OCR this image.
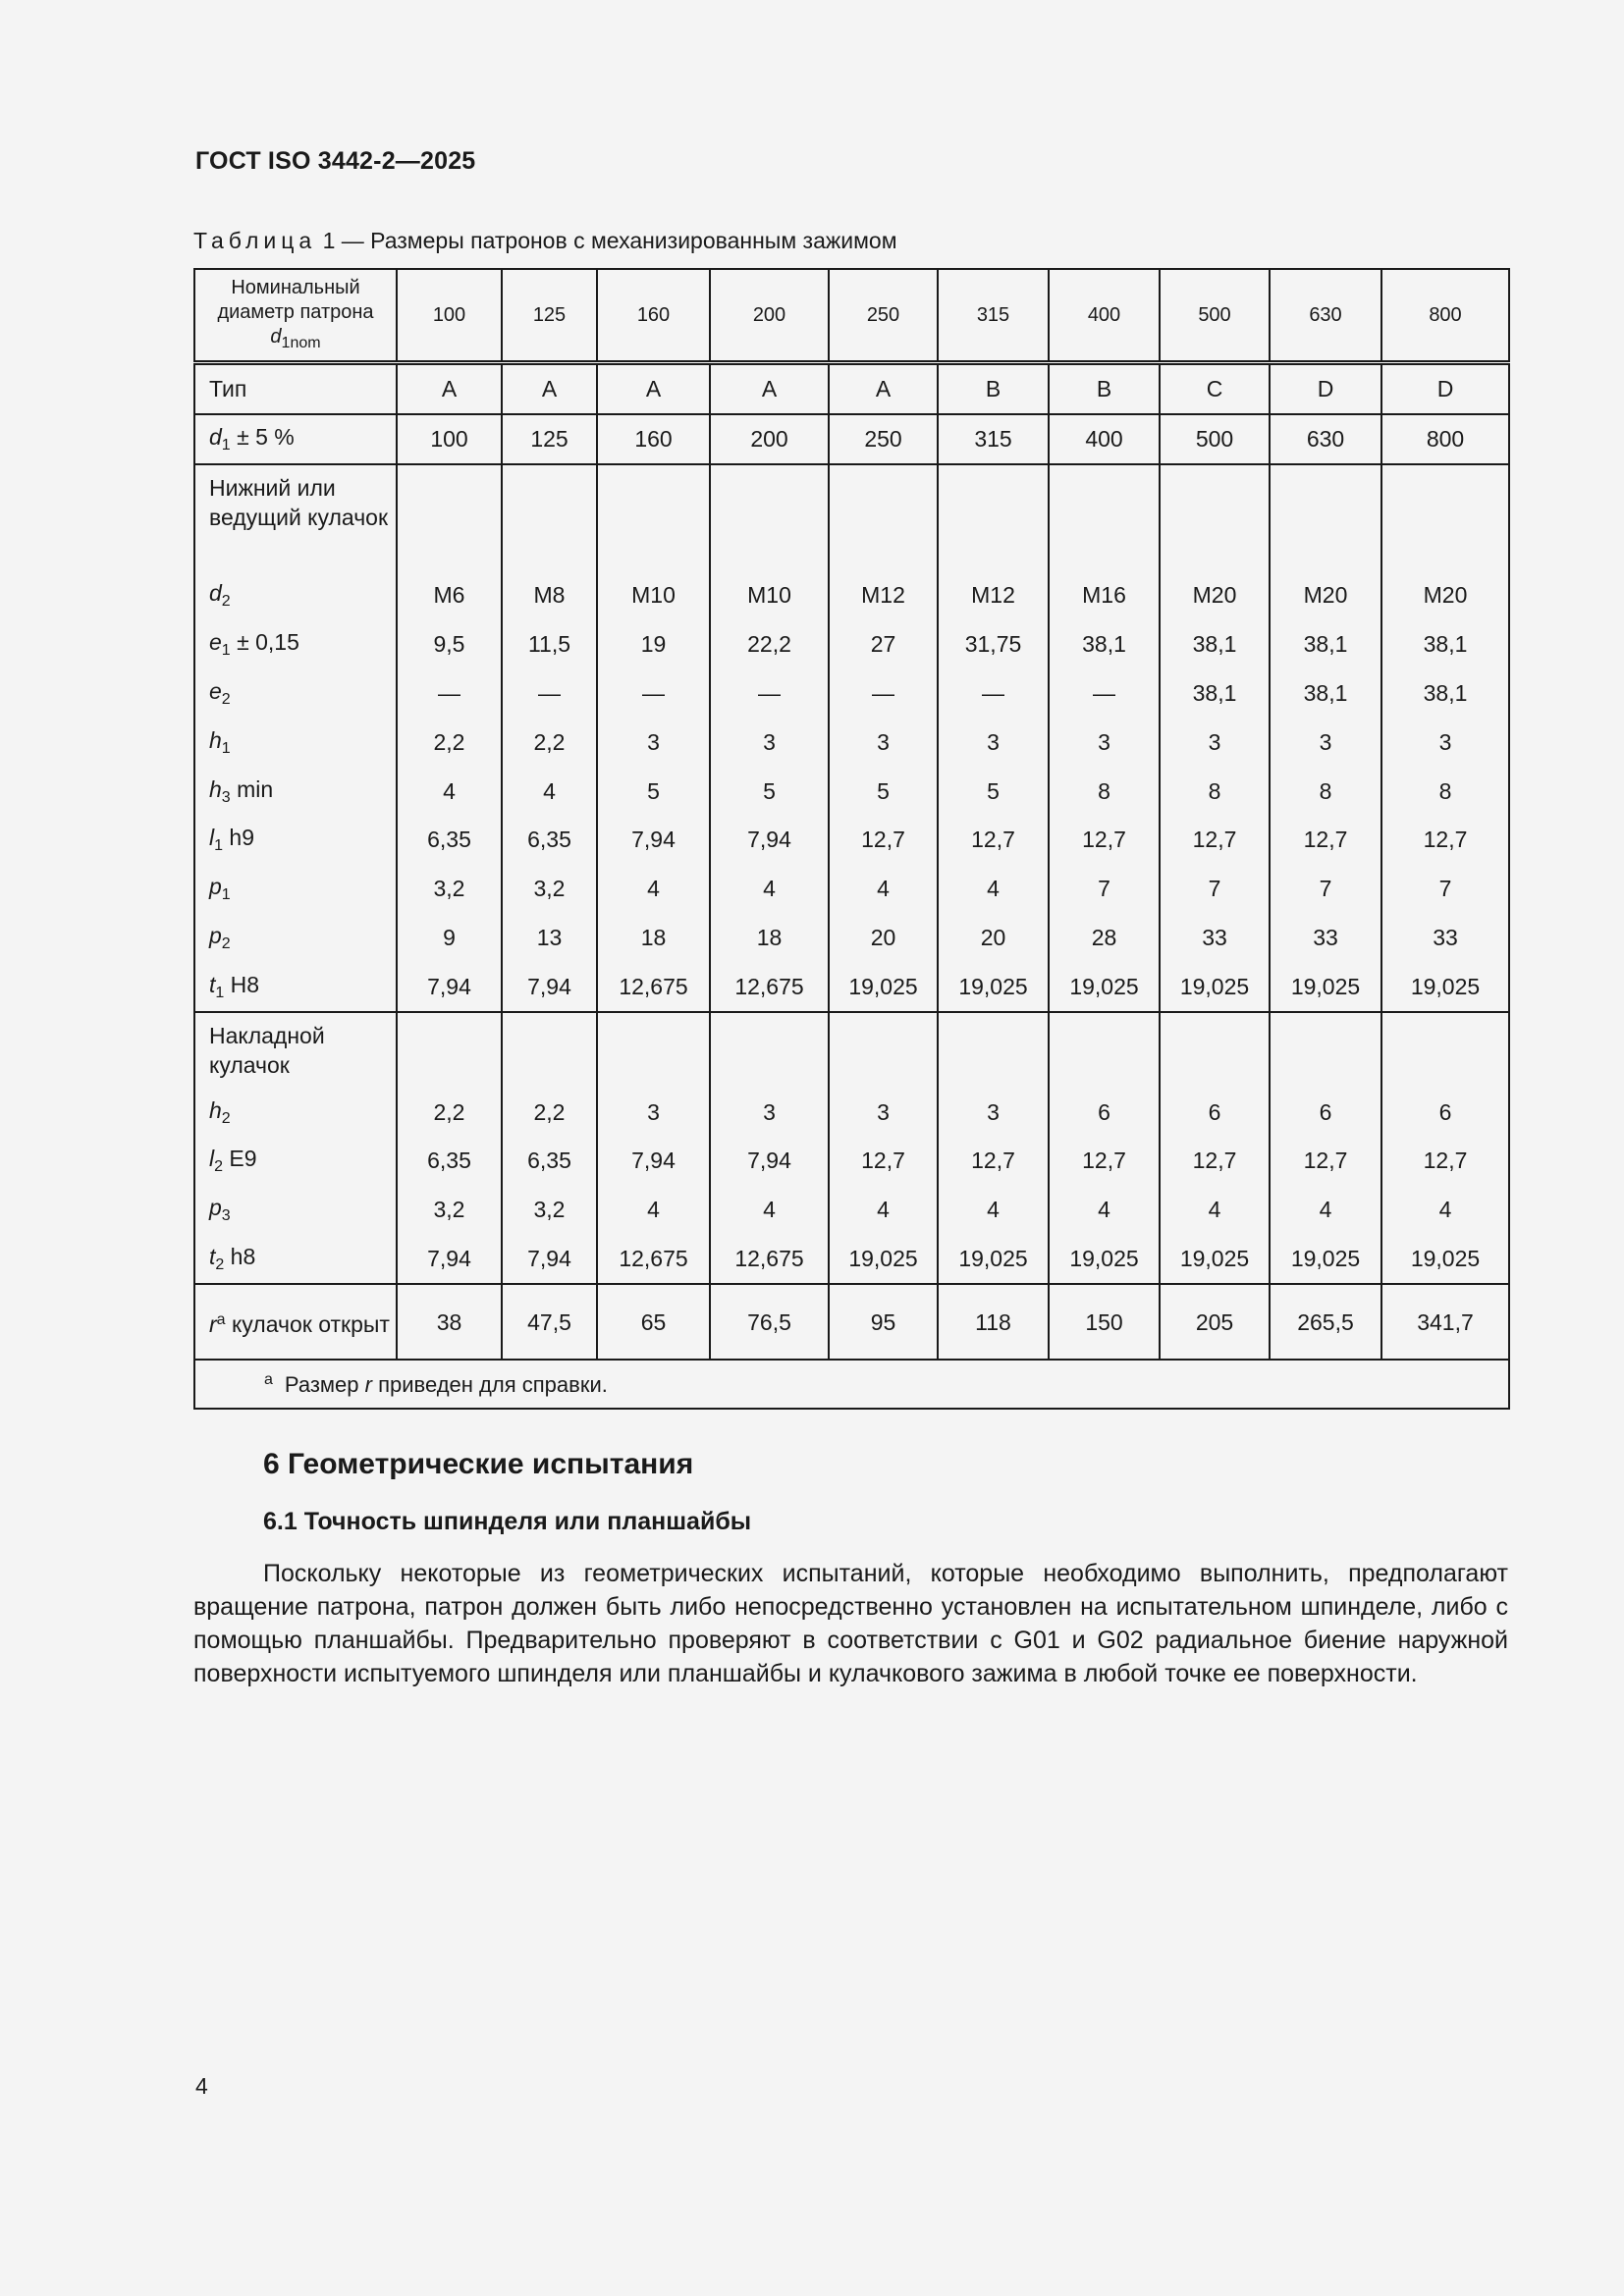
ГОСТ ISO 3442-2—2025
Таблица 1 — Размеры патронов с механизированным зажимом
Номинальный диаметр патрона $d_{1nom}$	100	125	160	200	250	315	400	500	630	800
Тип	A	A	A	A	A	B	B	C	D	D
$d_1 \pm 5$ %	100	125	160	200	250	315	400	500	630	800
Нижний или ведущий кулачок										
$d_2$	M6	M8	M10	M10	M12	M12	M16	M20	M20	M20
$e_1 \pm 0,15$	9,5	11,5	19	22,2	27	31,75	38,1	38,1	38,1	38,1
$e_2$	—	—	—	—	—	—	—	38,1	38,1	38,1
$h_1$	2,2	2,2	3	3	3	3	3	3	3	3
$h_3$ min	4	4	5	5	5	5	8	8	8	8
$l_1$ h9	6,35	6,35	7,94	7,94	12,7	12,7	12,7	12,7	12,7	12,7
$p_1$	3,2	3,2	4	4	4	4	7	7	7	7
$p_2$	9	13	18	18	20	20	28	33	33	33
$t_1$ H8	7,94	7,94	12,675	12,675	19,025	19,025	19,025	19,025	19,025	19,025
Накладной кулачок										
$h_2$	2,2	2,2	3	3	3	3	6	6	6	6
$l_2$ E9	6,35	6,35	7,94	7,94	12,7	12,7	12,7	12,7	12,7	12,7
$p_3$	3,2	3,2	4	4	4	4	4	4	4	4
$t_2$ h8	7,94	7,94	12,675	12,675	19,025	19,025	19,025	19,025	19,025	19,025
$r^a$ кулачок открыт	38	47,5	65	76,5	95	118	150	205	265,5	341,7
$^a$ Размер r приведен для справки.										
6 Геометрические испытания
6.1 Точность шпинделя или планшайбы

Поскольку некоторые из геометрических испытаний, которые необходимо выполнить, предполагают вращение патрона, патрон должен быть либо непосредственно установлен на испытательном шпинделе, либо с помощью планшайбы. Предварительно проверяют в соответствии с G01 и G02 радиальное биение наружной поверхности испытуемого шпинделя или планшайбы и кулачкового зажима в любой точке ее поверхности.

4
